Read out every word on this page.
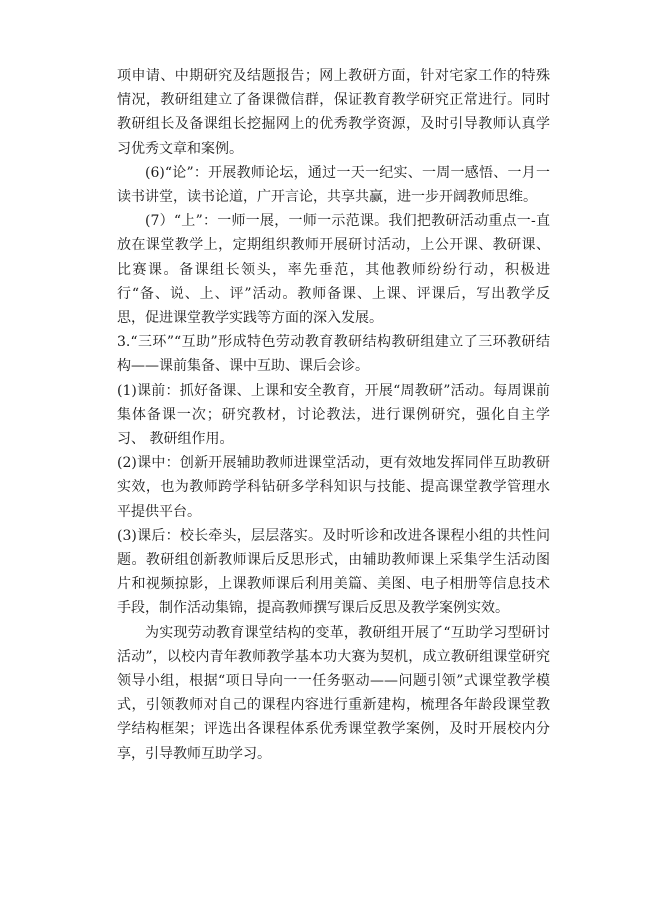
项申请、中期研究及结题报告；网上教研方面，针对宅家工作的特殊情况，教研组建立了备课微信群，保证教育教学研究正常进行。同时教研组长及备课组长挖掘网上的优秀教学资源，及时引导教师认真学习优秀文章和案例。

(6)“论”：开展教师论坛，通过一天一纪实、一周一感悟、一月一读书讲堂，读书论道，广开言论，共享共赢，进一步开阔教师思维。

(7）“上”：一师一展，一师一示范课。我们把教研活动重点一-直放在课堂教学上，定期组织教师开展研讨活动，上公开课、教研课、比赛课。备课组长领头，率先垂范，其他教师纷纷行动，积极进行“备、说、上、评”活动。教师备课、上课、评课后，写出教学反思，促进课堂教学实践等方面的深入发展。

3.“三环”“互助”形成特色劳动教育教研结构教研组建立了三环教研结构——课前集备、课中互助、课后会诊。

(1)课前：抓好备课、上课和安全教育，开展“周教研”活动。每周课前集体备课一次；研究教材，讨论教法，进行课例研究，强化自主学习、 教研组作用。

(2)课中：创新开展辅助教师进课堂活动，更有效地发挥同伴互助教研实效，也为教师跨学科钻研多学科知识与技能、提高课堂教学管理水平提供平台。

(3)课后：校长牵头，层层落实。及时听诊和改进各课程小组的共性问题。教研组创新教师课后反思形式，由辅助教师课上采集学生活动图片和视频掠影，上课教师课后利用美篇、美图、电子相册等信息技术手段，制作活动集锦，提高教师撰写课后反思及教学案例实效。

为实现劳动教育课堂结构的变革，教研组开展了“互助学习型研讨活动”，以校内青年教师教学基本功大赛为契机，成立教研组课堂研究领导小组，根据“项日导向一一任务驱动——问题引领”式课堂教学模式，引领教师对自己的课程内容进行重新建构，梳理各年龄段课堂教学结构框架；评选出各课程体系优秀课堂教学案例，及时开展校内分享，引导教师互助学习。
